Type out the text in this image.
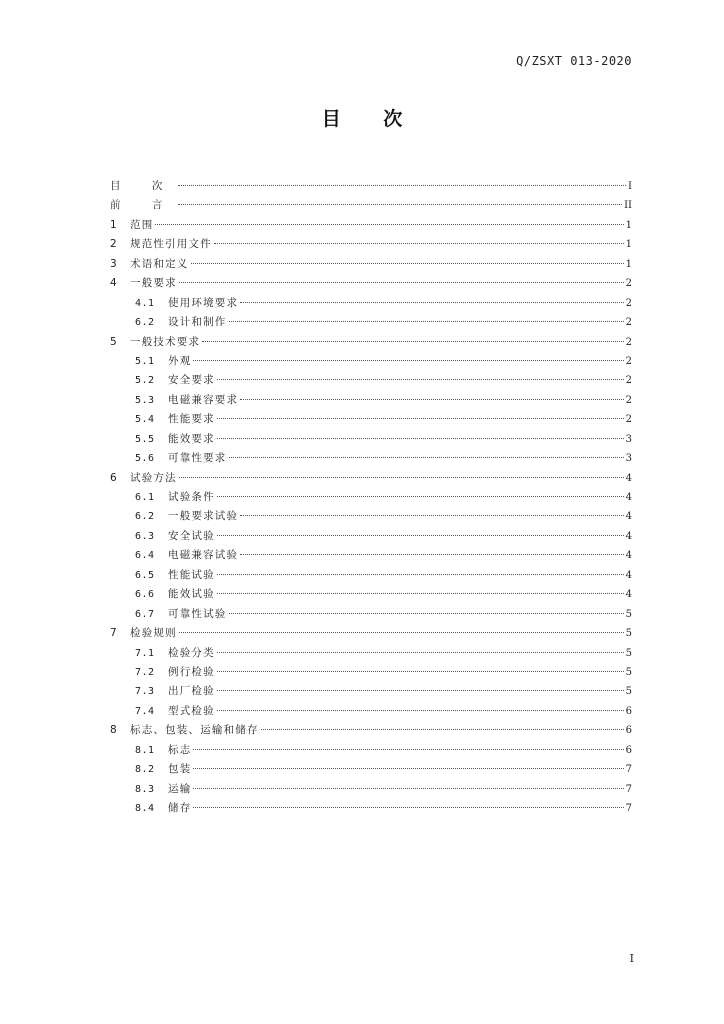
Q/ZSXT 013-2020
目 次
目 次	I
前 言	II
1	范围	1
2	规范性引用文件	1
3	术语和定义	1
4	一般要求	2
4.1	使用环境要求	2
6.2	设计和制作	2
5	一般技术要求	2
5.1	外观	2
5.2	安全要求	2
5.3	电磁兼容要求	2
5.4	性能要求	2
5.5	能效要求	3
5.6	可靠性要求	3
6	试验方法	4
6.1	试验条件	4
6.2	一般要求试验	4
6.3	安全试验	4
6.4	电磁兼容试验	4
6.5	性能试验	4
6.6	能效试验	4
6.7	可靠性试验	5
7	检验规则	5
7.1	检验分类	5
7.2	例行检验	5
7.3	出厂检验	5
7.4	型式检验	6
8	标志、包装、运输和储存	6
8.1	标志	6
8.2	包装	7
8.3	运输	7
8.4	储存	7
I
